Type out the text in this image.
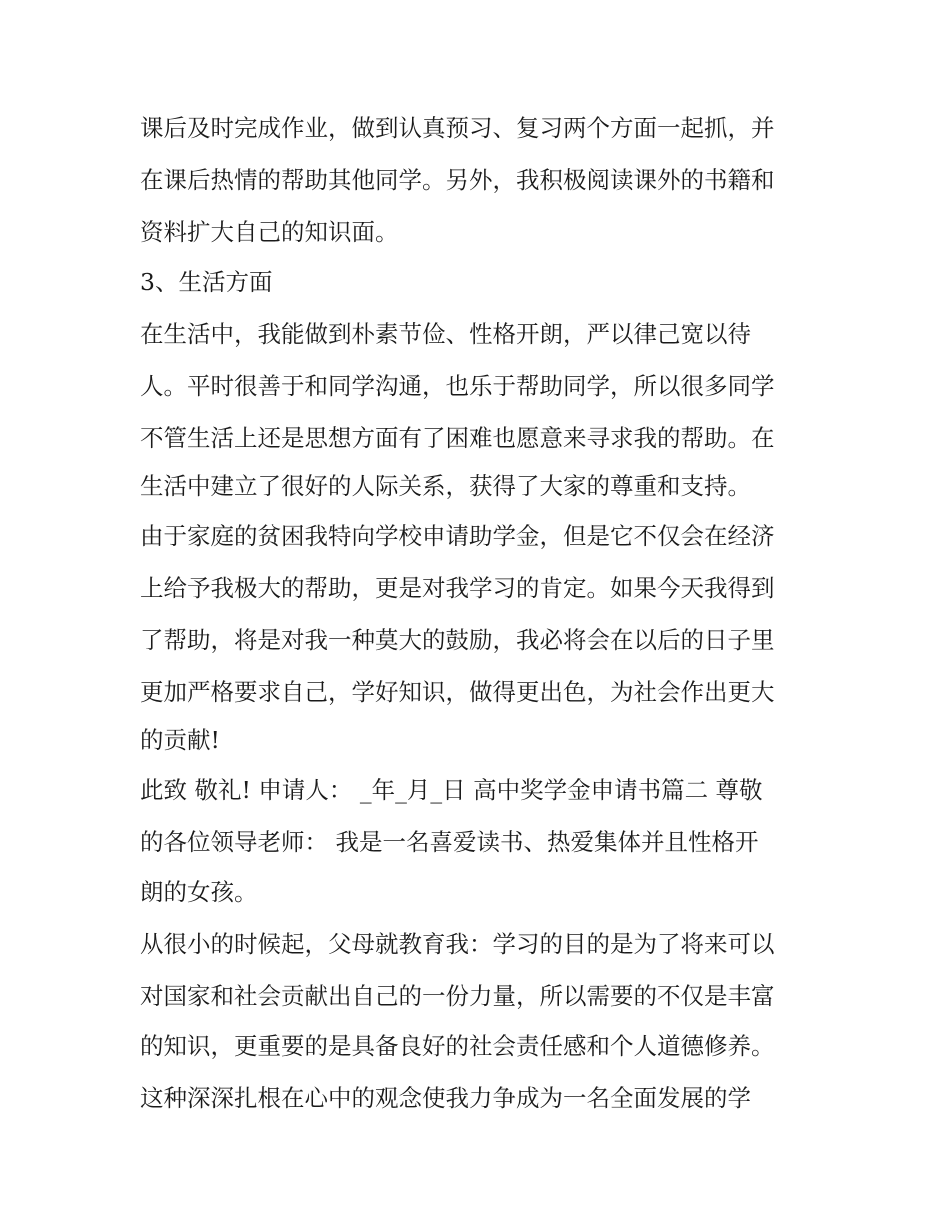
课后及时完成作业，做到认真预习、复习两个方面一起抓，并
在课后热情的帮助其他同学。另外，我积极阅读课外的书籍和
资料扩大自己的知识面。
3、生活方面
在生活中，我能做到朴素节俭、性格开朗，严以律己宽以待
人。平时很善于和同学沟通，也乐于帮助同学，所以很多同学
不管生活上还是思想方面有了困难也愿意来寻求我的帮助。在
生活中建立了很好的人际关系，获得了大家的尊重和支持。
由于家庭的贫困我特向学校申请助学金，但是它不仅会在经济
上给予我极大的帮助，更是对我学习的肯定。如果今天我得到
了帮助，将是对我一种莫大的鼓励，我必将会在以后的日子里
更加严格要求自己，学好知识，做得更出色，为社会作出更大
的贡献!
此致 敬礼! 申请人： _年_月_日 高中奖学金申请书篇二 尊敬
的各位领导老师： 我是一名喜爱读书、热爱集体并且性格开
朗的女孩。
从很小的时候起，父母就教育我：学习的目的是为了将来可以
对国家和社会贡献出自己的一份力量，所以需要的不仅是丰富
的知识，更重要的是具备良好的社会责任感和个人道德修养。
这种深深扎根在心中的观念使我力争成为一名全面发展的学
